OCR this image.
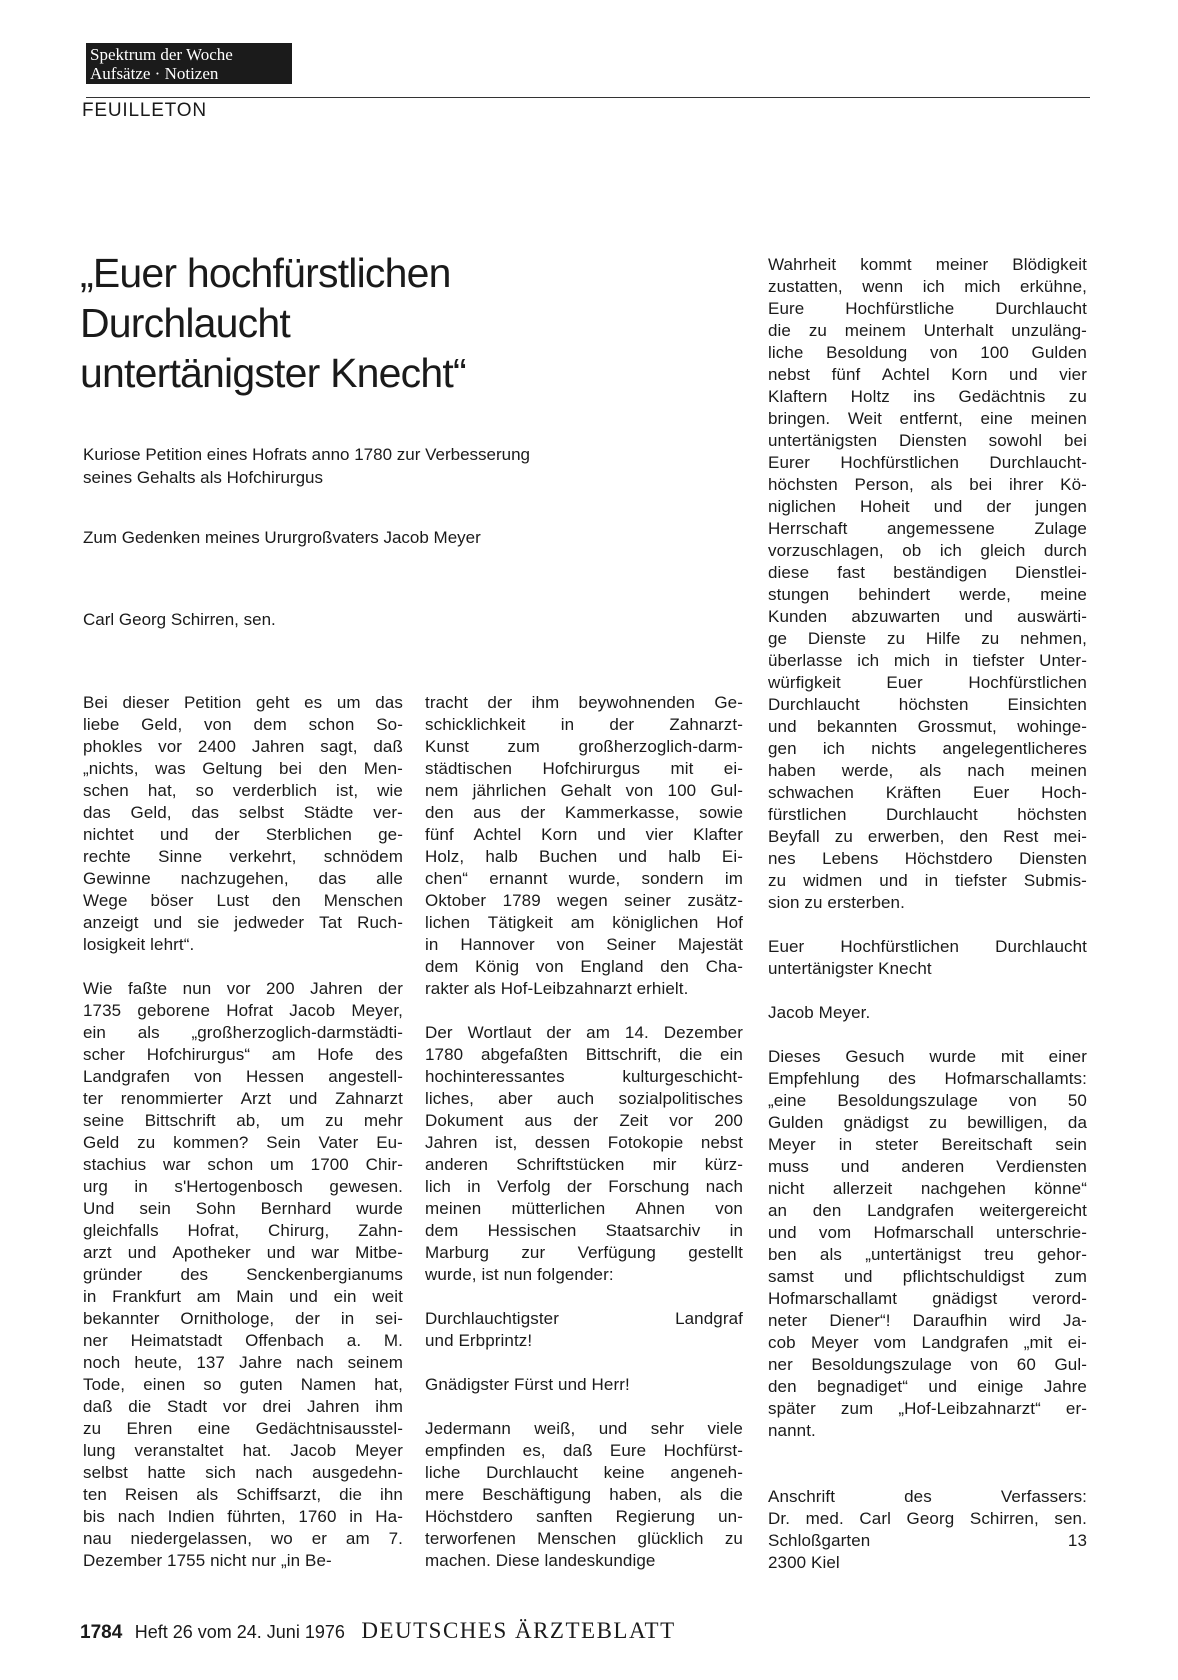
Spektrum der Woche
Aufsätze · Notizen
FEUILLETON
„Euer hochfürstlichen
Durchlaucht
untertänigster Knecht“
Kuriose Petition eines Hofrats anno 1780 zur Verbesserung
seines Gehalts als Hofchirurgus
Zum Gedenken meines Ururgroßvaters Jacob Meyer
Carl Georg Schirren, sen.
Bei dieser Petition geht es um das
liebe Geld, von dem schon So-
phokles vor 2400 Jahren sagt, daß
„nichts, was Geltung bei den Men-
schen hat, so verderblich ist, wie
das Geld, das selbst Städte ver-
nichtet und der Sterblichen ge-
rechte Sinne verkehrt, schnödem
Gewinne nachzugehen, das alle
Wege böser Lust den Menschen
anzeigt und sie jedweder Tat Ruch-
losigkeit lehrt“.
Wie faßte nun vor 200 Jahren der
1735 geborene Hofrat Jacob Meyer,
ein als „großherzoglich-darmstädti-
scher Hofchirurgus“ am Hofe des
Landgrafen von Hessen angestell-
ter renommierter Arzt und Zahnarzt
seine Bittschrift ab, um zu mehr
Geld zu kommen? Sein Vater Eu-
stachius war schon um 1700 Chir-
urg in s'Hertogenbosch gewesen.
Und sein Sohn Bernhard wurde
gleichfalls Hofrat, Chirurg, Zahn-
arzt und Apotheker und war Mitbe-
gründer des Senckenbergianums
in Frankfurt am Main und ein weit
bekannter Ornithologe, der in sei-
ner Heimatstadt Offenbach a. M.
noch heute, 137 Jahre nach seinem
Tode, einen so guten Namen hat,
daß die Stadt vor drei Jahren ihm
zu Ehren eine Gedächtnisausstel-
lung veranstaltet hat. Jacob Meyer
selbst hatte sich nach ausgedehn-
ten Reisen als Schiffsarzt, die ihn
bis nach Indien führten, 1760 in Ha-
nau niedergelassen, wo er am 7.
Dezember 1755 nicht nur „in Be-
tracht der ihm beywohnenden Ge-
schicklichkeit in der Zahnarzt-
Kunst zum großherzoglich-darm-
städtischen Hofchirurgus mit ei-
nem jährlichen Gehalt von 100 Gul-
den aus der Kammerkasse, sowie
fünf Achtel Korn und vier Klafter
Holz, halb Buchen und halb Ei-
chen“ ernannt wurde, sondern im
Oktober 1789 wegen seiner zusätz-
lichen Tätigkeit am königlichen Hof
in Hannover von Seiner Majestät
dem König von England den Cha-
rakter als Hof-Leibzahnarzt erhielt.
Der Wortlaut der am 14. Dezember
1780 abgefaßten Bittschrift, die ein
hochinteressantes	kulturgeschicht-
liches, aber auch sozialpolitisches
Dokument aus der Zeit vor 200
Jahren ist, dessen Fotokopie nebst
anderen Schriftstücken mir kürz-
lich in Verfolg der Forschung nach
meinen mütterlichen Ahnen von
dem Hessischen Staatsarchiv in
Marburg zur Verfügung gestellt
wurde, ist nun folgender:
Durchlauchtigster	Landgraf
und Erbprintz!
Gnädigster Fürst und Herr!
Jedermann weiß, und sehr viele
empfinden es, daß Eure Hochfürst-
liche Durchlaucht keine angeneh-
mere Beschäftigung haben, als die
Höchstdero sanften Regierung un-
terworfenen Menschen glücklich zu
machen. Diese landeskundige
Wahrheit kommt meiner Blödigkeit
zustatten, wenn ich mich erkühne,
Eure Hochfürstliche Durchlaucht
die zu meinem Unterhalt unzuläng-
liche Besoldung von 100 Gulden
nebst fünf Achtel Korn und vier
Klaftern Holtz ins Gedächtnis zu
bringen. Weit entfernt, eine meinen
untertänigsten Diensten sowohl bei
Eurer Hochfürstlichen Durchlaucht-
höchsten Person, als bei ihrer Kö-
niglichen Hoheit und der jungen
Herrschaft angemessene Zulage
vorzuschlagen, ob ich gleich durch
diese fast beständigen Dienstlei-
stungen behindert werde, meine
Kunden abzuwarten und auswärti-
ge Dienste zu Hilfe zu nehmen,
überlasse ich mich in tiefster Unter-
würfigkeit	Euer	Hochfürstlichen
Durchlaucht höchsten Einsichten
und bekannten Grossmut, wohinge-
gen ich nichts angelegentlicheres
haben werde, als nach meinen
schwachen Kräften Euer Hoch-
fürstlichen Durchlaucht höchsten
Beyfall zu erwerben, den Rest mei-
nes Lebens Höchstdero Diensten
zu widmen und in tiefster Submis-
sion zu ersterben.
Euer Hochfürstlichen Durchlaucht
untertänigster Knecht
Jacob Meyer.
Dieses Gesuch wurde mit einer
Empfehlung des Hofmarschallamts:
„eine Besoldungszulage von 50
Gulden gnädigst zu bewilligen, da
Meyer in steter Bereitschaft sein
muss und anderen Verdiensten
nicht allerzeit nachgehen könne“
an den Landgrafen weitergereicht
und vom Hofmarschall unterschrie-
ben als „untertänigst treu gehor-
samst und pflichtschuldigst zum
Hofmarschallamt gnädigst verord-
neter Diener“! Daraufhin wird Ja-
cob Meyer vom Landgrafen „mit ei-
ner Besoldungszulage von 60 Gul-
den begnadiget“ und einige Jahre
später zum „Hof-Leibzahnarzt“ er-
nannt.
Anschrift	des	Verfassers:
Dr. med. Carl Georg Schirren, sen.
Schloßgarten	13
2300 Kiel
1784 Heft 26 vom 24. Juni 1976 DEUTSCHES ÄRZTEBLATT
